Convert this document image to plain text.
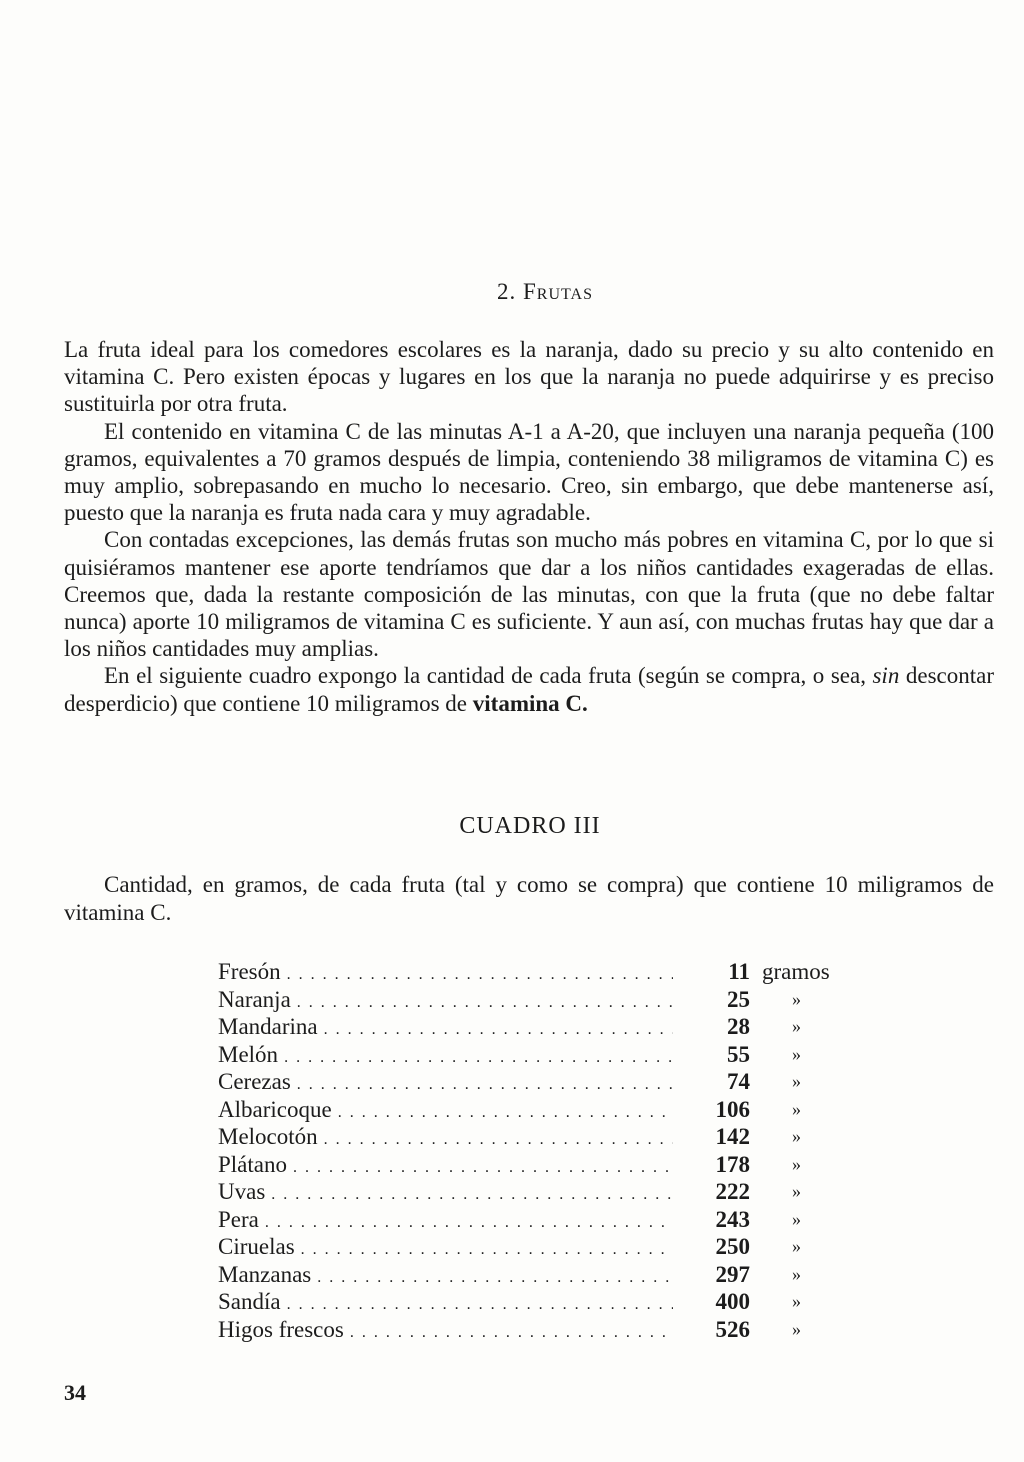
2. Frutas

La fruta ideal para los comedores escolares es la naranja, dado su precio y su alto contenido en vitamina C. Pero existen épocas y lugares en los que la naranja no puede adquirirse y es preciso sustituirla por otra fruta.

El contenido en vitamina C de las minutas A-1 a A-20, que incluyen una naranja pequeña (100 gramos, equivalentes a 70 gramos después de limpia, conteniendo 38 miligramos de vitamina C) es muy amplio, sobrepasando en mucho lo necesario. Creo, sin embargo, que debe mantenerse así, puesto que la naranja es fruta nada cara y muy agradable.

Con contadas excepciones, las demás frutas son mucho más pobres en vitamina C, por lo que si quisiéramos mantener ese aporte tendríamos que dar a los niños cantidades exageradas de ellas. Creemos que, dada la restante composición de las minutas, con que la fruta (que no debe faltar nunca) aporte 10 miligramos de vitamina C es suficiente. Y aun así, con muchas frutas hay que dar a los niños cantidades muy amplias.

En el siguiente cuadro expongo la cantidad de cada fruta (según se compra, o sea, sin descontar desperdicio) que contiene 10 miligramos de vitamina C.

CUADRO III

Cantidad, en gramos, de cada fruta (tal y como se compra) que contiene 10 miligramos de vitamina C.

Fresón . . .	11 gramos
Naranja . . .	25 »
Mandarina . . .	28 »
Melón . . .	55 »
Cerezas . . .	74 »
Albaricoque . . .	106 »
Melocotón . . .	142 »
Plátano . . .	178 »
Uvas . . .	222 »
Pera . . .	243 »
Ciruelas . . .	250 »
Manzanas . . .	297 »
Sandía . . .	400 »
Higos frescos . . .	526 »
34
